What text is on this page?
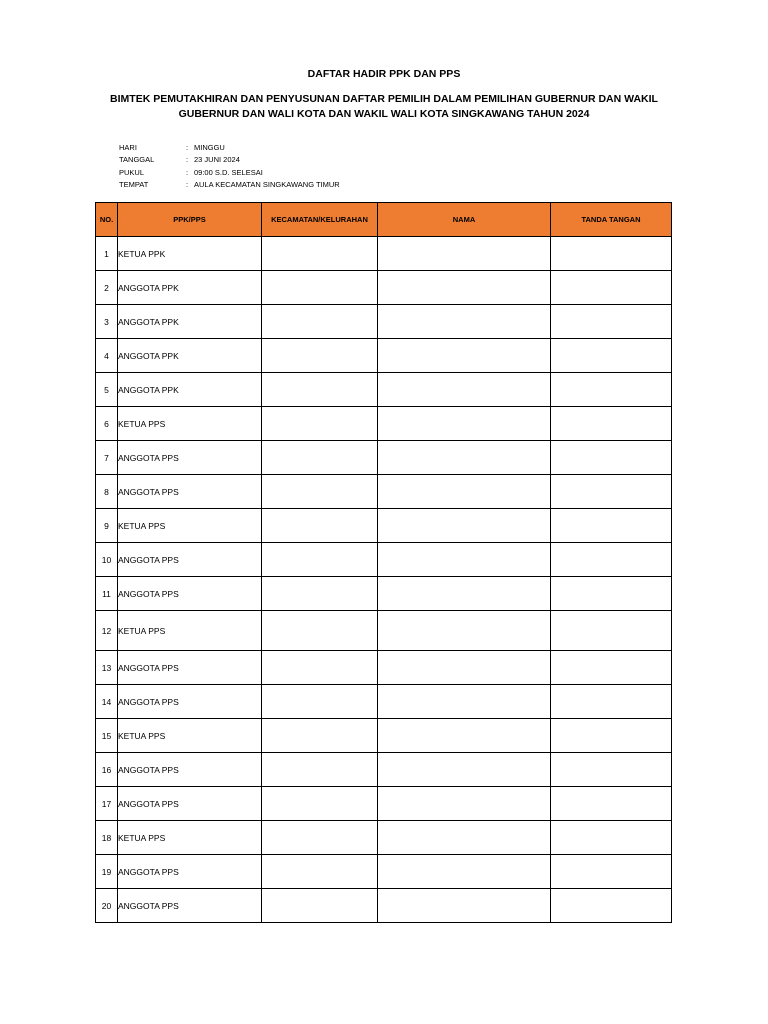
DAFTAR HADIR PPK DAN PPS
BIMTEK PEMUTAKHIRAN DAN PENYUSUNAN DAFTAR PEMILIH DALAM PEMILIHAN GUBERNUR DAN WAKIL
GUBERNUR DAN WALI KOTA DAN WAKIL WALI KOTA SINGKAWANG TAHUN 2024
HARI	: MINGGU
TANGGAL	: 23 JUNI 2024
PUKUL	: 09:00 S.D. SELESAI
TEMPAT	: AULA KECAMATAN SINGKAWANG TIMUR
NO.	PPK/PPS	KECAMATAN/KELURAHAN	NAMA	TANDA TANGAN
1	KETUA PPK			
2	ANGGOTA PPK			
3	ANGGOTA PPK			
4	ANGGOTA PPK			
5	ANGGOTA PPK			
6	KETUA PPS			
7	ANGGOTA PPS			
8	ANGGOTA PPS			
9	KETUA PPS			
10	ANGGOTA PPS			
11	ANGGOTA PPS			
12	KETUA PPS			
13	ANGGOTA PPS			
14	ANGGOTA PPS			
15	KETUA PPS			
16	ANGGOTA PPS			
17	ANGGOTA PPS			
18	KETUA PPS			
19	ANGGOTA PPS			
20	ANGGOTA PPS			
